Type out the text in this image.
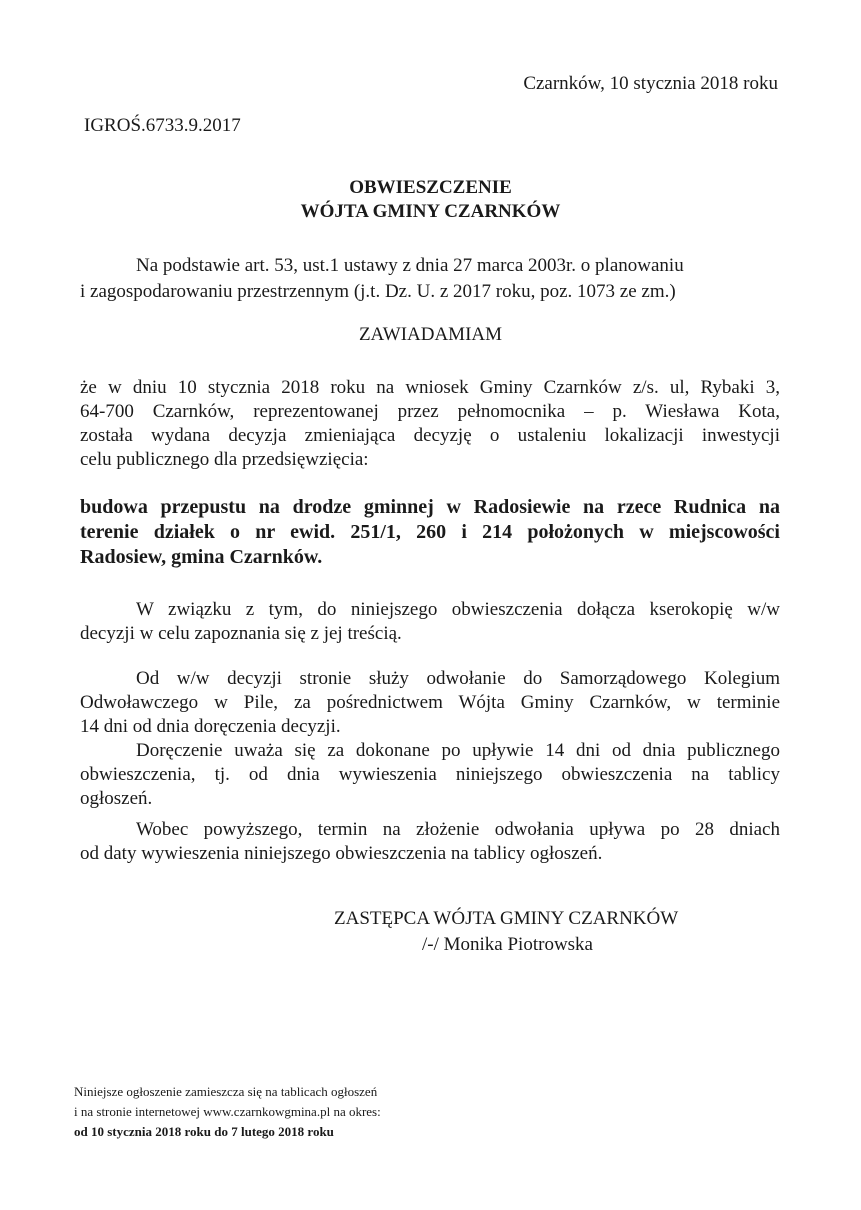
Czarnków, 10 stycznia 2018 roku
IGROŚ.6733.9.2017
OBWIESZCZENIE
WÓJTA GMINY CZARNKÓW
Na podstawie art. 53, ust.1 ustawy z dnia 27 marca 2003r. o planowaniu
i zagospodarowaniu przestrzennym (j.t. Dz. U. z 2017 roku, poz. 1073 ze zm.)
ZAWIADAMIAM
że w dniu 10 stycznia 2018 roku na wniosek Gminy Czarnków z/s. ul, Rybaki 3,
64-700 Czarnków, reprezentowanej przez pełnomocnika – p. Wiesława Kota,
została wydana decyzja zmieniająca decyzję o ustaleniu lokalizacji inwestycji
celu publicznego dla przedsięwzięcia:
budowa przepustu na drodze gminnej w Radosiewie na rzece Rudnica na
terenie działek o nr ewid. 251/1, 260 i 214 położonych w miejscowości
Radosiew, gmina Czarnków.
W związku z tym, do niniejszego obwieszczenia dołącza kserokopię w/w
decyzji w celu zapoznania się z jej treścią.
Od w/w decyzji stronie służy odwołanie do Samorządowego Kolegium
Odwoławczego w Pile, za pośrednictwem Wójta Gminy Czarnków, w terminie
14 dni od dnia doręczenia decyzji.
Doręczenie uważa się za dokonane po upływie 14 dni od dnia publicznego
obwieszczenia, tj. od dnia wywieszenia niniejszego obwieszczenia na tablicy
ogłoszeń.
Wobec powyższego, termin na złożenie odwołania upływa po 28 dniach
od daty wywieszenia niniejszego obwieszczenia na tablicy ogłoszeń.
ZASTĘPCA WÓJTA GMINY CZARNKÓW
/-/ Monika Piotrowska
Niniejsze ogłoszenie zamieszcza się na tablicach ogłoszeń
i na stronie internetowej www.czarnkowgmina.pl na okres:
od 10 stycznia 2018 roku do 7 lutego 2018 roku
